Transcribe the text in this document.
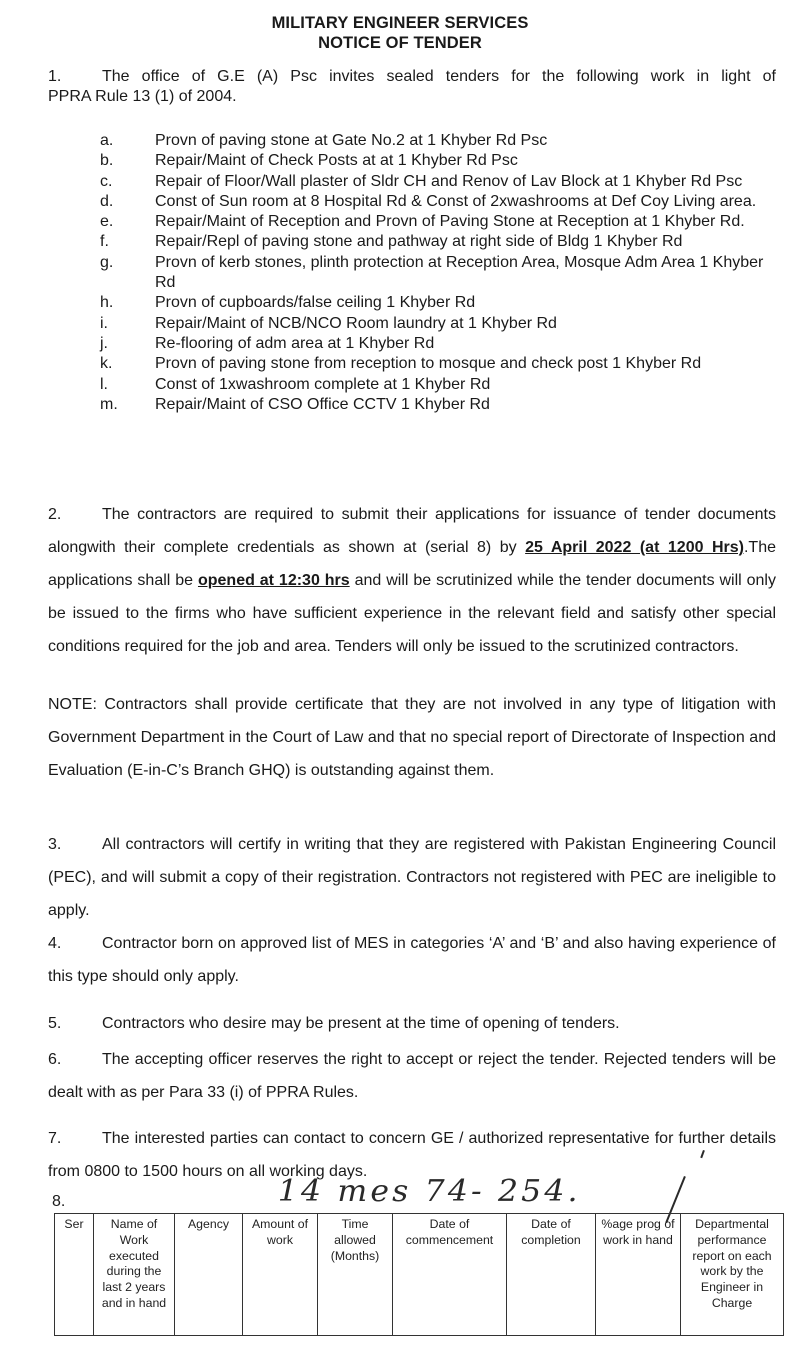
MILITARY ENGINEER SERVICES
NOTICE OF TENDER
1.	The office of G.E (A) Psc invites sealed tenders for the following work in light of
PPRA Rule 13 (1) of 2004.
a.	Provn of paving stone at Gate No.2 at 1 Khyber Rd Psc
b.	Repair/Maint of Check Posts at at 1 Khyber Rd Psc
c.	Repair of Floor/Wall plaster of Sldr CH and Renov of Lav Block at 1 Khyber Rd Psc
d.	Const of Sun room at 8 Hospital Rd & Const of 2xwashrooms at Def Coy Living area.
e.	Repair/Maint of Reception and Provn of Paving Stone at Reception at 1 Khyber Rd.
f.	Repair/Repl of paving stone and pathway at right side of Bldg 1 Khyber Rd
g.	Provn of kerb stones, plinth protection at Reception Area, Mosque Adm Area 1 Khyber Rd
h.	Provn of cupboards/false ceiling 1 Khyber Rd
i.	Repair/Maint of NCB/NCO Room laundry at 1 Khyber Rd
j.	Re-flooring of adm area at 1 Khyber Rd
k.	Provn of paving stone from reception to mosque and check post 1 Khyber Rd
l.	Const of 1xwashroom complete at 1 Khyber Rd
m.	Repair/Maint of CSO Office CCTV 1 Khyber Rd
2.	The contractors are required to submit their applications for issuance of tender documents alongwith their complete credentials as shown at (serial 8) by 25 April 2022 (at 1200 Hrs).The applications shall be opened at 12:30 hrs and will be scrutinized while the tender documents will only be issued to the firms who have sufficient experience in the relevant field and satisfy other special conditions required for the job and area. Tenders will only be issued to the scrutinized contractors.
NOTE: Contractors shall provide certificate that they are not involved in any type of litigation with Government Department in the Court of Law and that no special report of Directorate of Inspection and Evaluation (E-in-C’s Branch GHQ) is outstanding against them.
3.	All contractors will certify in writing that they are registered with Pakistan Engineering Council (PEC), and will submit a copy of their registration. Contractors not registered with PEC are ineligible to apply.
4.	Contractor born on approved list of MES in categories ‘A’ and ‘B’ and also having experience of this type should only apply.
5.	Contractors who desire may be present at the time of opening of tenders.
6.	The accepting officer reserves the right to accept or reject the tender. Rejected tenders will be dealt with as per Para 33 (i) of PPRA Rules.
7.	The interested parties can contact to concern GE / authorized representative for further details from 0800 to 1500 hours on all working days.
14 mes 74- 254.
8.
Ser	Name of Work executed during the last 2 years and in hand	Agency	Amount of work	Time allowed (Months)	Date of commencement	Date of completion	%age prog of work in hand	Departmental performance report on each work by the Engineer in Charge
